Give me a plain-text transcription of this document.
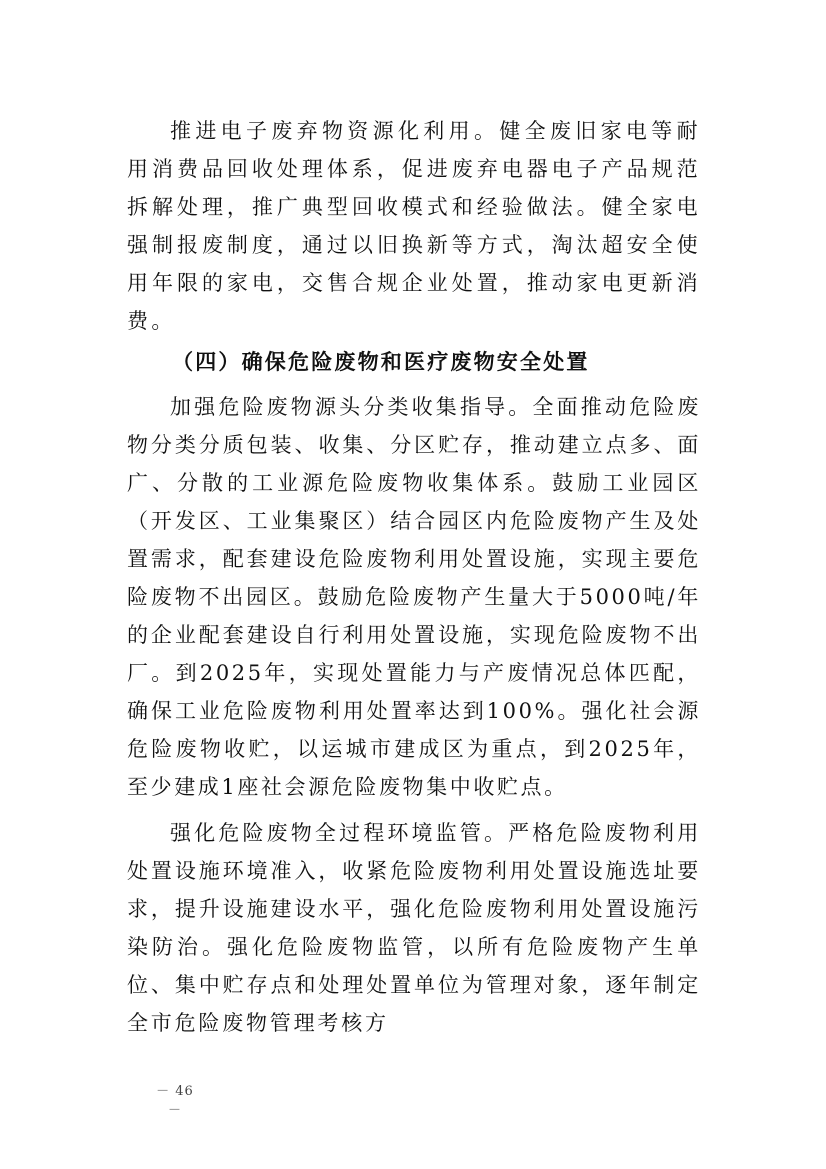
推进电子废弃物资源化利用。健全废旧家电等耐用消费品回收处理体系，促进废弃电器电子产品规范拆解处理，推广典型回收模式和经验做法。健全家电强制报废制度，通过以旧换新等方式，淘汰超安全使用年限的家电，交售合规企业处置，推动家电更新消费。

（四）确保危险废物和医疗废物安全处置

加强危险废物源头分类收集指导。全面推动危险废物分类分质包装、收集、分区贮存，推动建立点多、面广、分散的工业源危险废物收集体系。鼓励工业园区（开发区、工业集聚区）结合园区内危险废物产生及处置需求，配套建设危险废物利用处置设施，实现主要危险废物不出园区。鼓励危险废物产生量大于5000吨/年的企业配套建设自行利用处置设施，实现危险废物不出厂。到2025年，实现处置能力与产废情况总体匹配，确保工业危险废物利用处置率达到100%。强化社会源危险废物收贮，以运城市建成区为重点，到2025年，至少建成1座社会源危险废物集中收贮点。

强化危险废物全过程环境监管。严格危险废物利用处置设施环境准入，收紧危险废物利用处置设施选址要求，提升设施建设水平，强化危险废物利用处置设施污染防治。强化危险废物监管，以所有危险废物产生单位、集中贮存点和处理处置单位为管理对象，逐年制定全市危险废物管理考核方

－ 46 －
